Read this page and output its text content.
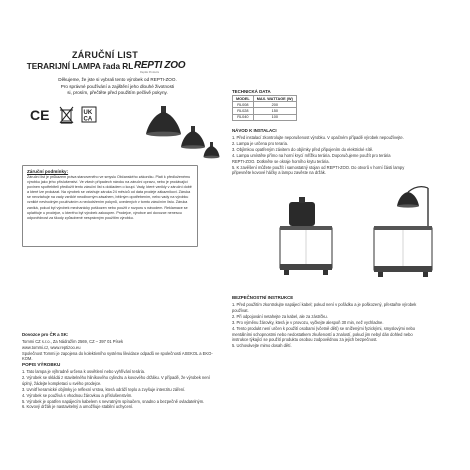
ZÁRUČNÍ LIST
TERARIJNÍ LAMPA řada RL REPTI ZOO
Reptile Products
Děkujeme, že jste si vybrali tento výrobek od REPTI-ZOO.
Pro správné používání a zajištění jeho dlouhé životnosti
si, prosím, přečtěte před použitím pečlivě pokyny.
CE	UK
CA
Záruční podmínky:
Záruční list je průkazem práva stanoveného ve smyslu Občanského zákoníku. Platí k předloženému výrobku jako jeho příslušenství. Ve všech případech nároku na záruční opravu, nebo je prodávající povinen spotřebiteli předložit tento záruční list s dokladem o koupi. Vady, které vznikly v záruční době a které lze prokázat. Na výrobek se vztahuje záruka 24 měsíců od data prodeje zákazníkovi. Záruka se nevztahuje na vady vzniklé neodborným zásahem, běžným opotřebením, nebo vady na výrobku vzniklé nevhodným používáním a nedodržením pokynů, uvedených v tomto záručním listu. Záruka zaniká, pokud byl výrobek mechanicky poškozen nebo použit v rozporu s návodem. Reklamace se uplatňuje u prodejce, u kterého byl výrobek zakoupen. Prodejce, výrobce ani dovozce nenesou odpovědnost za škody způsobené nesprávným použitím výrobku.
Dovozce pro ČR a SK:
Tommi CZ s.r.o., Za Nádražím 2569, CZ – 397 01 Písek
www.tommi.cz, www.reptizoo.eu
Společnost Tommi je zapojena do kolektivního systému likvidace odpadů ve společnosti ASEKOL a EKO-KOM.
POPIS VÝROBKU

1. Tato lampa je výhradně určena k osvětlení nebo vyhřívání terária.

2. Výrobek se skládá z stavitelného hliníkového cylindru a kovového držáku. V případě, že výrobek není

úplný, žádejte kompletaci u svého prodejce.

3. Uvnitř keramické objímky je reflexní vrstva, která odráží teplo a zvyšuje intenzitu záření.

4. Výrobek se používá s vhodnou žárovkou a příslušenstvím.

5. Výrobek je opatřen napájecím kabelem s nevratným spínačem, snadno a bezpečně ovladatelným.

6. Kovový držák je nastavitelný a umožňuje stabilní uchycení.

TECHNICKÁ DATA
MODEL	MAX. WATTAGE (W)
RL008	200
RL028	150
RL040	100
NÁVOD K INSTALACI

1. Před instalací zkontrolujte neporušenost výrobku. V opačném případě výrobek nepoužívejte.

2. Lampa je určena pro teraria.

3. Objímkou opatřeným závitem do objímky před připojením do elektrické sítě.

4. Lampa umístěte přímo na horní krycí mřížku terária. Doporučujeme použít pro terária

REPTI-ZOO. Dotkněte se okraje horního krytu terária.

5. K zavěšení můžete použít i samostatný stojan od REPTI-ZOO. Do otvorů v horní části lampy

připevněte kovové háčky a lampu zavěste na držák.

BEZPEČNOSTNÍ INSTRUKCE

1. Před použitím zkontrolujte napájecí kabel; pokud není v pořádku a je poškozený, přestaňte výrobek

používat.

2. Při odpojování netahejte za kabel, ale za zástrčku.

3. Pro výměnu žárovky, která je v provozu, vyčkejte alespoň 30 min, než vychladne.

4. Tento produkt není určen k použití osobami (včetně dětí) se sníženými fyzickými, smyslovými nebo

mentálními schopnostmi nebo nedostatkem zkušeností a znalostí, pokud jim nebyl dán dohled nebo

instrukce týkající se použití produktu osobou zodpovědnou za jejich bezpečnost.

5. Uchovávejte mimo dosah dětí.
